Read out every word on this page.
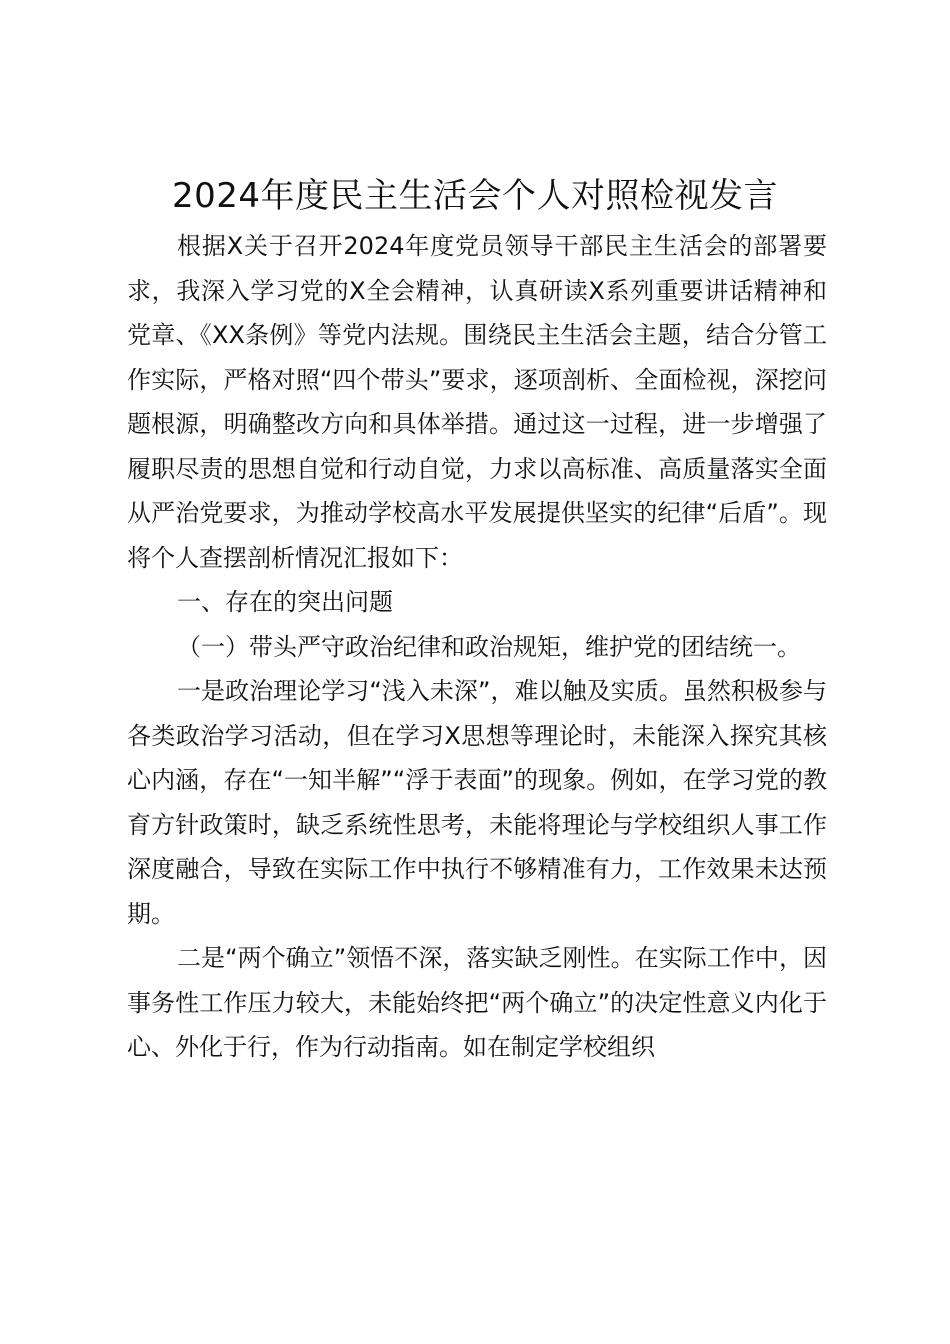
2024年度民主生活会个人对照检视发言

根据X关于召开2024年度党员领导干部民主生活会的部署要求，我深入学习党的X全会精神，认真研读X系列重要讲话精神和党章、《XX条例》等党内法规。围绕民主生活会主题，结合分管工作实际，严格对照“四个带头”要求，逐项剖析、全面检视，深挖问题根源，明确整改方向和具体举措。通过这一过程，进一步增强了履职尽责的思想自觉和行动自觉，力求以高标准、高质量落实全面从严治党要求，为推动学校高水平发展提供坚实的纪律“后盾”。现将个人查摆剖析情况汇报如下：

一、存在的突出问题

（一）带头严守政治纪律和政治规矩，维护党的团结统一。

一是政治理论学习“浅入未深”，难以触及实质。虽然积极参与各类政治学习活动，但在学习X思想等理论时，未能深入探究其核心内涵，存在“一知半解”“浮于表面”的现象。例如，在学习党的教育方针政策时，缺乏系统性思考，未能将理论与学校组织人事工作深度融合，导致在实际工作中执行不够精准有力，工作效果未达预期。

二是“两个确立”领悟不深，落实缺乏刚性。在实际工作中，因事务性工作压力较大，未能始终把“两个确立”的决定性意义内化于心、外化于行，作为行动指南。如在制定学校组织
